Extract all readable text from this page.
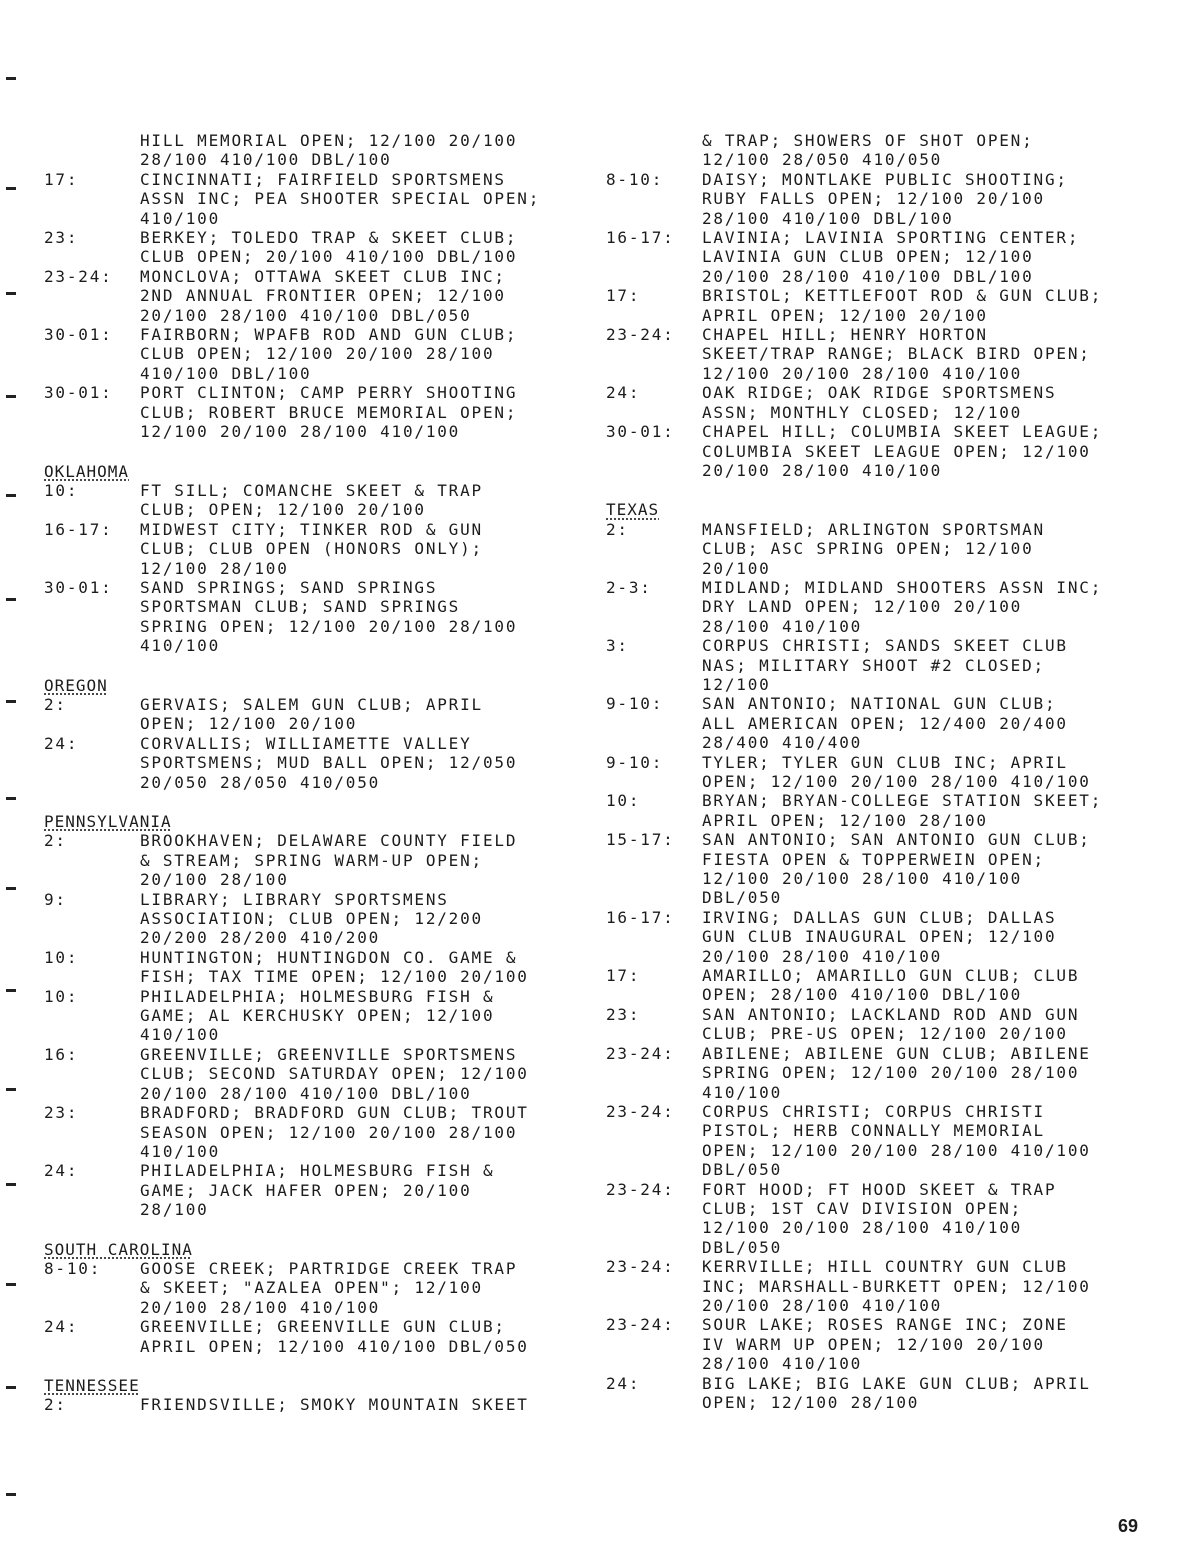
HILL MEMORIAL OPEN; 12/100 20/100
28/100 410/100 DBL/100
17:	CINCINNATI; FAIRFIELD SPORTSMENS
ASSN INC; PEA SHOOTER SPECIAL OPEN;
410/100
23:	BERKEY; TOLEDO TRAP & SKEET CLUB;
CLUB OPEN; 20/100 410/100 DBL/100
23-24:	MONCLOVA; OTTAWA SKEET CLUB INC;
2ND ANNUAL FRONTIER OPEN; 12/100
20/100 28/100 410/100 DBL/050
30-01:	FAIRBORN; WPAFB ROD AND GUN CLUB;
CLUB OPEN; 12/100 20/100 28/100
410/100 DBL/100
30-01:	PORT CLINTON; CAMP PERRY SHOOTING
CLUB; ROBERT BRUCE MEMORIAL OPEN;
12/100 20/100 28/100 410/100
OKLAHOMA
10:	FT SILL; COMANCHE SKEET & TRAP
CLUB; OPEN; 12/100 20/100
16-17:	MIDWEST CITY; TINKER ROD & GUN
CLUB; CLUB OPEN (HONORS ONLY);
12/100 28/100
30-01:	SAND SPRINGS; SAND SPRINGS
SPORTSMAN CLUB; SAND SPRINGS
SPRING OPEN; 12/100 20/100 28/100
410/100
OREGON
2:	GERVAIS; SALEM GUN CLUB; APRIL
OPEN; 12/100 20/100
24:	CORVALLIS; WILLIAMETTE VALLEY
SPORTSMENS; MUD BALL OPEN; 12/050
20/050 28/050 410/050
PENNSYLVANIA
2:	BROOKHAVEN; DELAWARE COUNTY FIELD
& STREAM; SPRING WARM-UP OPEN;
20/100 28/100
9:	LIBRARY; LIBRARY SPORTSMENS
ASSOCIATION; CLUB OPEN; 12/200
20/200 28/200 410/200
10:	HUNTINGTON; HUNTINGDON CO. GAME &
FISH; TAX TIME OPEN; 12/100 20/100
10:	PHILADELPHIA; HOLMESBURG FISH &
GAME; AL KERCHUSKY OPEN; 12/100
410/100
16:	GREENVILLE; GREENVILLE SPORTSMENS
CLUB; SECOND SATURDAY OPEN; 12/100
20/100 28/100 410/100 DBL/100
23:	BRADFORD; BRADFORD GUN CLUB; TROUT
SEASON OPEN; 12/100 20/100 28/100
410/100
24:	PHILADELPHIA; HOLMESBURG FISH &
GAME; JACK HAFER OPEN; 20/100
28/100
SOUTH CAROLINA
8-10:	GOOSE CREEK; PARTRIDGE CREEK TRAP
& SKEET; "AZALEA OPEN"; 12/100
20/100 28/100 410/100
24:	GREENVILLE; GREENVILLE GUN CLUB;
APRIL OPEN; 12/100 410/100 DBL/050
TENNESSEE
2:	FRIENDSVILLE; SMOKY MOUNTAIN SKEET
& TRAP; SHOWERS OF SHOT OPEN;
12/100 28/050 410/050
8-10:	DAISY; MONTLAKE PUBLIC SHOOTING;
RUBY FALLS OPEN; 12/100 20/100
28/100 410/100 DBL/100
16-17:	LAVINIA; LAVINIA SPORTING CENTER;
LAVINIA GUN CLUB OPEN; 12/100
20/100 28/100 410/100 DBL/100
17:	BRISTOL; KETTLEFOOT ROD & GUN CLUB;
APRIL OPEN; 12/100 20/100
23-24:	CHAPEL HILL; HENRY HORTON
SKEET/TRAP RANGE; BLACK BIRD OPEN;
12/100 20/100 28/100 410/100
24:	OAK RIDGE; OAK RIDGE SPORTSMENS
ASSN; MONTHLY CLOSED; 12/100
30-01:	CHAPEL HILL; COLUMBIA SKEET LEAGUE;
COLUMBIA SKEET LEAGUE OPEN; 12/100
20/100 28/100 410/100
TEXAS
2:	MANSFIELD; ARLINGTON SPORTSMAN
CLUB; ASC SPRING OPEN; 12/100
20/100
2-3:	MIDLAND; MIDLAND SHOOTERS ASSN INC;
DRY LAND OPEN; 12/100 20/100
28/100 410/100
3:	CORPUS CHRISTI; SANDS SKEET CLUB
NAS; MILITARY SHOOT #2 CLOSED;
12/100
9-10:	SAN ANTONIO; NATIONAL GUN CLUB;
ALL AMERICAN OPEN; 12/400 20/400
28/400 410/400
9-10:	TYLER; TYLER GUN CLUB INC; APRIL
OPEN; 12/100 20/100 28/100 410/100
10:	BRYAN; BRYAN-COLLEGE STATION SKEET;
APRIL OPEN; 12/100 28/100
15-17:	SAN ANTONIO; SAN ANTONIO GUN CLUB;
FIESTA OPEN & TOPPERWEIN OPEN;
12/100 20/100 28/100 410/100
DBL/050
16-17:	IRVING; DALLAS GUN CLUB; DALLAS
GUN CLUB INAUGURAL OPEN; 12/100
20/100 28/100 410/100
17:	AMARILLO; AMARILLO GUN CLUB; CLUB
OPEN; 28/100 410/100 DBL/100
23:	SAN ANTONIO; LACKLAND ROD AND GUN
CLUB; PRE-US OPEN; 12/100 20/100
23-24:	ABILENE; ABILENE GUN CLUB; ABILENE
SPRING OPEN; 12/100 20/100 28/100
410/100
23-24:	CORPUS CHRISTI; CORPUS CHRISTI
PISTOL; HERB CONNALLY MEMORIAL
OPEN; 12/100 20/100 28/100 410/100
DBL/050
23-24:	FORT HOOD; FT HOOD SKEET & TRAP
CLUB; 1ST CAV DIVISION OPEN;
12/100 20/100 28/100 410/100
DBL/050
23-24:	KERRVILLE; HILL COUNTRY GUN CLUB
INC; MARSHALL-BURKETT OPEN; 12/100
20/100 28/100 410/100
23-24:	SOUR LAKE; ROSES RANGE INC; ZONE
IV WARM UP OPEN; 12/100 20/100
28/100 410/100
24:	BIG LAKE; BIG LAKE GUN CLUB; APRIL
OPEN; 12/100 28/100
69
